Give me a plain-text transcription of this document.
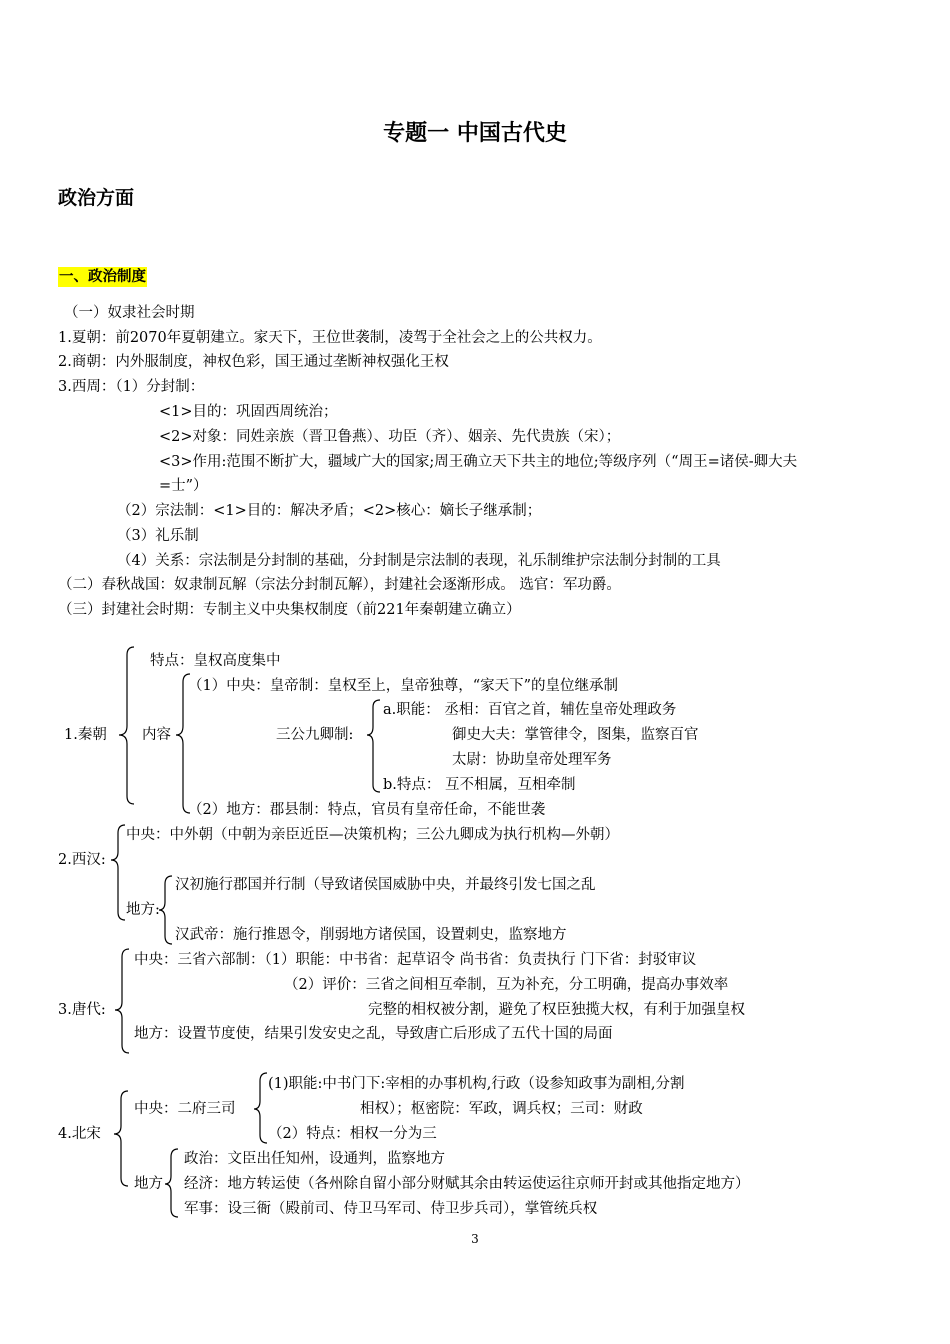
专题一 中国古代史
政治方面
一、政治制度
（一）奴隶社会时期
1.夏朝：前2070年夏朝建立。家天下，王位世袭制，凌驾于全社会之上的公共权力。
2.商朝：内外服制度，神权色彩，国王通过垄断神权强化王权
3.西周：（1）分封制：
<1>目的：巩固西周统治；
<2>对象：同姓亲族（晋卫鲁燕）、功臣（齐）、姻亲、先代贵族（宋）；
<3>作用:范围不断扩大，疆域广大的国家;周王确立天下共主的地位;等级序列（“周王=诸侯-卿大夫
=士”）
（2）宗法制：<1>目的：解决矛盾；<2>核心：嫡长子继承制；
（3）礼乐制
（4）关系：宗法制是分封制的基础，分封制是宗法制的表现，礼乐制维护宗法制分封制的工具
（二）春秋战国：奴隶制瓦解（宗法分封制瓦解），封建社会逐渐形成。 选官：军功爵。
（三）封建社会时期：专制主义中央集权制度（前221年秦朝建立确立）
1.秦朝
特点：皇权高度集中
内容
（1）中央：皇帝制：皇权至上，皇帝独尊，“家天下”的皇位继承制
三公九卿制:
a.职能： 丞相：百官之首，辅佐皇帝处理政务
御史大夫：掌管律令，图集，监察百官
太尉：协助皇帝处理军务
b.特点： 互不相属，互相牵制
（2）地方：郡县制：特点，官员有皇帝任命，不能世袭
2.西汉:
中央：中外朝（中朝为亲臣近臣—决策机构；三公九卿成为执行机构—外朝）
地方:
汉初施行郡国并行制（导致诸侯国威胁中央，并最终引发七国之乱
汉武帝：施行推恩令，削弱地方诸侯国，设置刺史，监察地方
3.唐代:
中央：三省六部制：（1）职能：中书省：起草诏令 尚书省：负责执行 门下省：封驳审议
（2）评价：三省之间相互牵制，互为补充，分工明确，提高办事效率
完整的相权被分割，避免了权臣独揽大权，有利于加强皇权
地方：设置节度使，结果引发安史之乱，导致唐亡后形成了五代十国的局面
4.北宋
中央：二府三司
(1)职能:中书门下:宰相的办事机构,行政（设参知政事为副相,分割
相权）；枢密院：军政，调兵权；三司：财政
（2）特点：相权一分为三
地方
政治：文臣出任知州，设通判，监察地方
经济：地方转运使（各州除自留小部分财赋其余由转运使运往京师开封或其他指定地方）
军事：设三衙（殿前司、侍卫马军司、侍卫步兵司），掌管统兵权
3
